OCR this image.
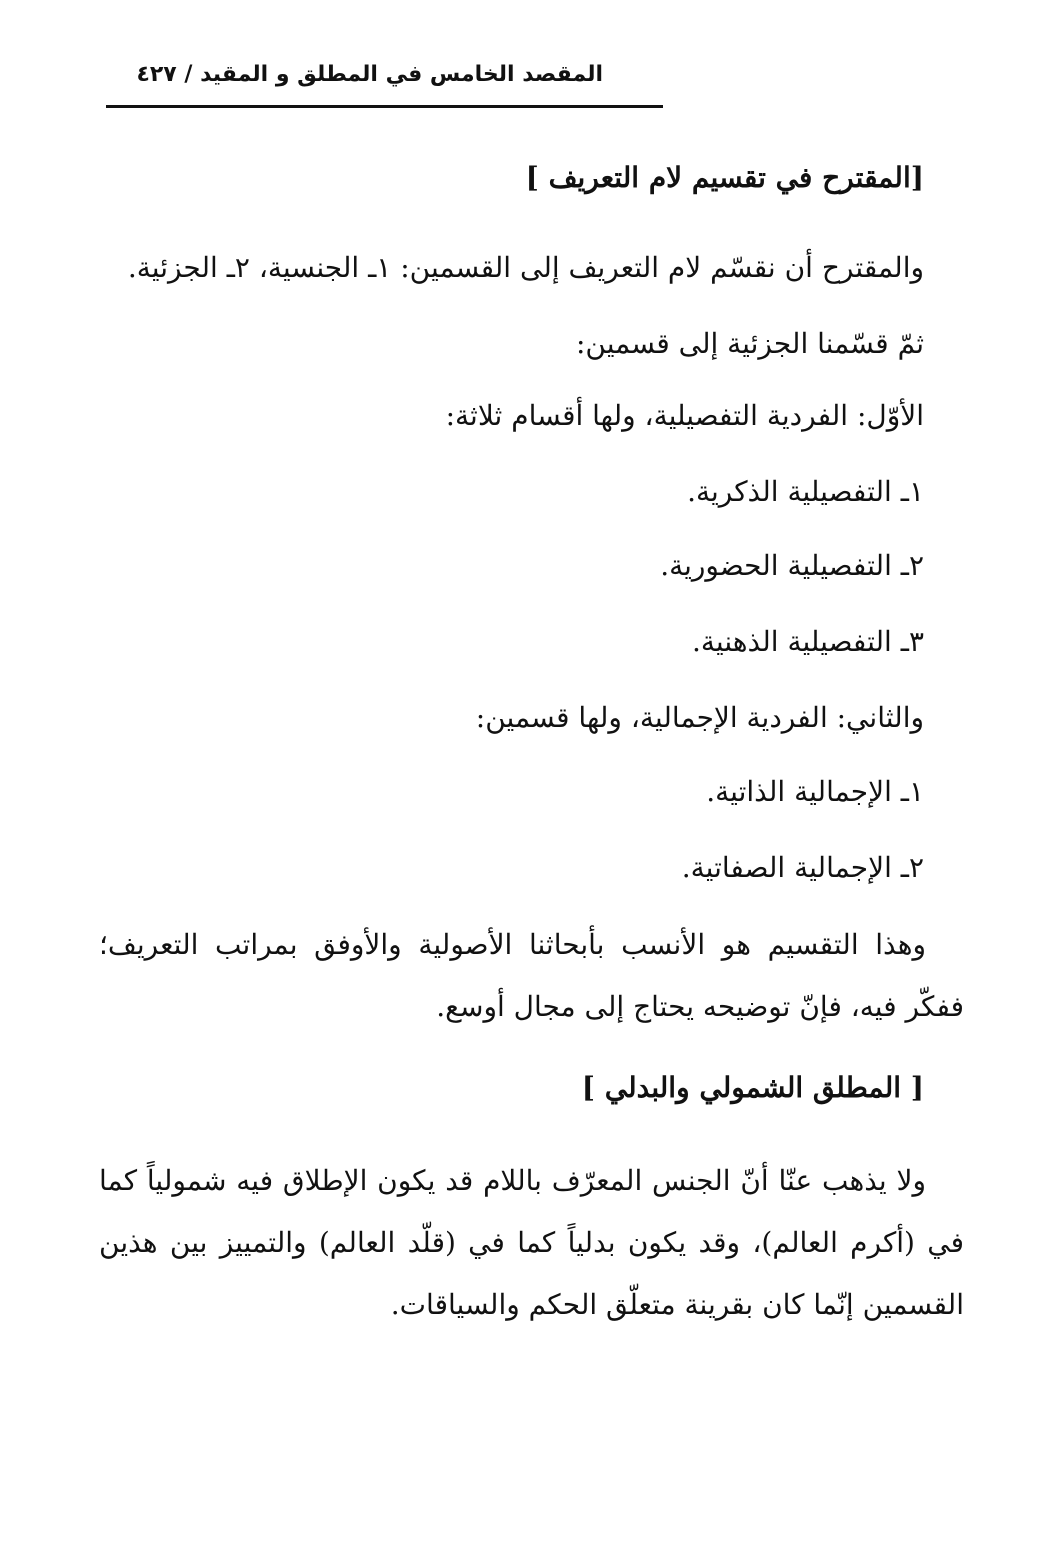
المقصد الخامس في المطلق و المقيد / ٤٢٧
[المقترح في تقسيم لام التعريف ]
والمقترح أن نقسّم لام التعريف إلى القسمين: ١ـ الجنسية، ٢ـ الجزئية.
ثمّ قسّمنا الجزئية إلى قسمين:
الأوّل: الفردية التفصيلية، ولها أقسام ثلاثة:
١ـ التفصيلية الذكرية.
٢ـ التفصيلية الحضورية.
٣ـ التفصيلية الذهنية.
والثاني: الفردية الإجمالية، ولها قسمين:
١ـ الإجمالية الذاتية.
٢ـ الإجمالية الصفاتية.
وهذا التقسيم هو الأنسب بأبحاثنا الأصولية والأوفق بمراتب التعريف؛ ففكّر فيه، فإنّ توضيحه يحتاج إلى مجال أوسع.
[ المطلق الشمولي والبدلي ]
ولا يذهب عنّا أنّ الجنس المعرّف باللام قد يكون الإطلاق فيه شمولياً كما في (أكرم العالم)، وقد يكون بدلياً كما في (قلّد العالم) والتمييز بين هذين القسمين إنّما كان بقرينة متعلّق الحكم والسياقات.
